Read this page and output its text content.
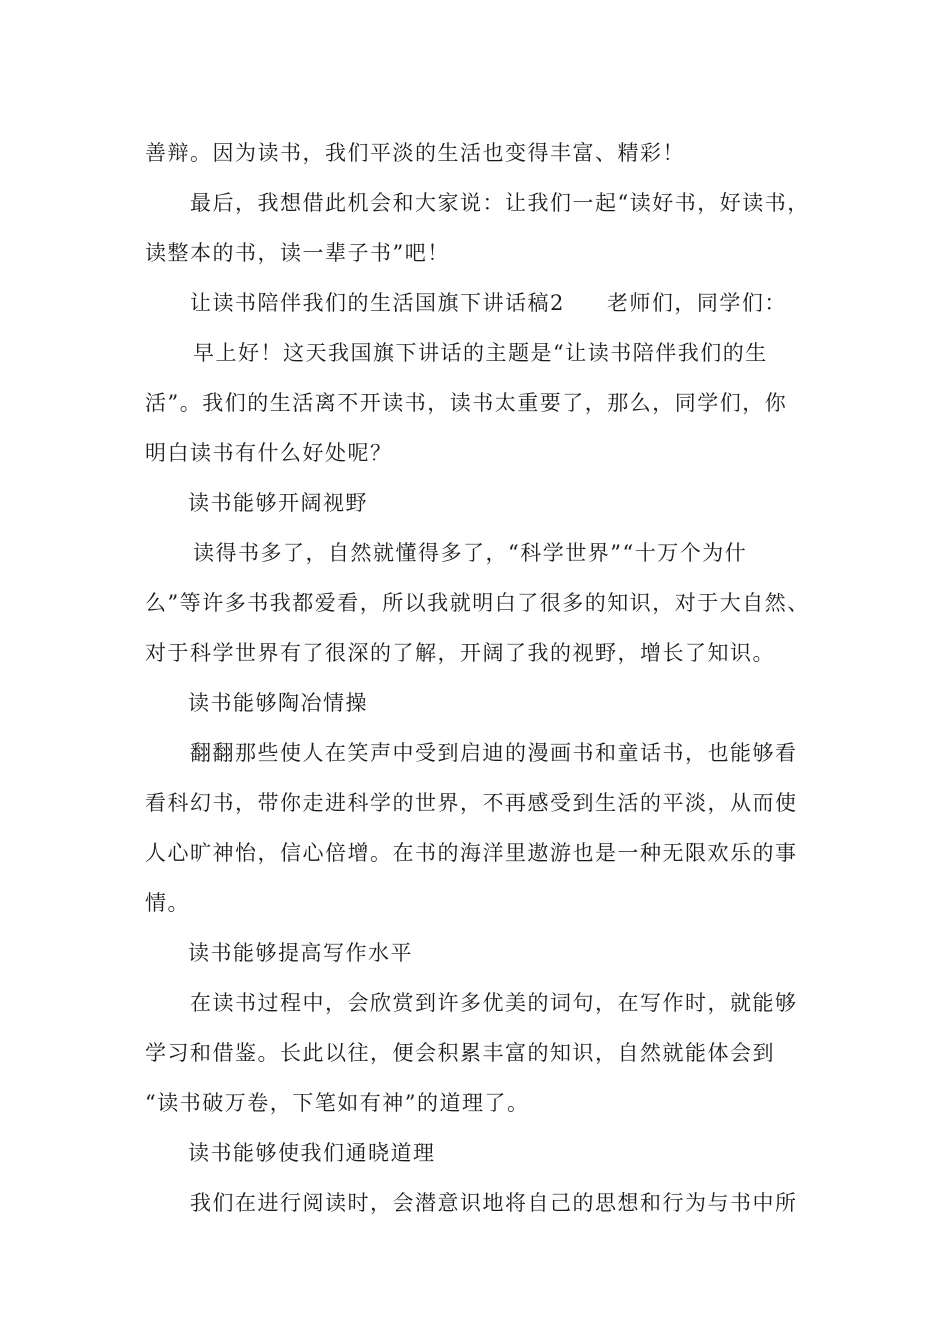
善辩。因为读书，我们平淡的生活也变得丰富、精彩！
最后，我想借此机会和大家说：让我们一起“读好书，好读书，
读整本的书，读一辈子书”吧！
让读书陪伴我们的生活国旗下讲话稿2 老师们，同学们：
早上好！这天我国旗下讲话的主题是“让读书陪伴我们的生
活”。我们的生活离不开读书，读书太重要了，那么，同学们，你
明白读书有什么好处呢？
读书能够开阔视野
读得书多了，自然就懂得多了，“科学世界”“十万个为什
么”等许多书我都爱看，所以我就明白了很多的知识，对于大自然、
对于科学世界有了很深的了解，开阔了我的视野，增长了知识。
读书能够陶冶情操
翻翻那些使人在笑声中受到启迪的漫画书和童话书，也能够看
看科幻书，带你走进科学的世界，不再感受到生活的平淡，从而使
人心旷神怡，信心倍增。在书的海洋里遨游也是一种无限欢乐的事
情。
读书能够提高写作水平
在读书过程中，会欣赏到许多优美的词句，在写作时，就能够
学习和借鉴。长此以往，便会积累丰富的知识，自然就能体会到
“读书破万卷，下笔如有神”的道理了。
读书能够使我们通晓道理
我们在进行阅读时，会潜意识地将自己的思想和行为与书中所
